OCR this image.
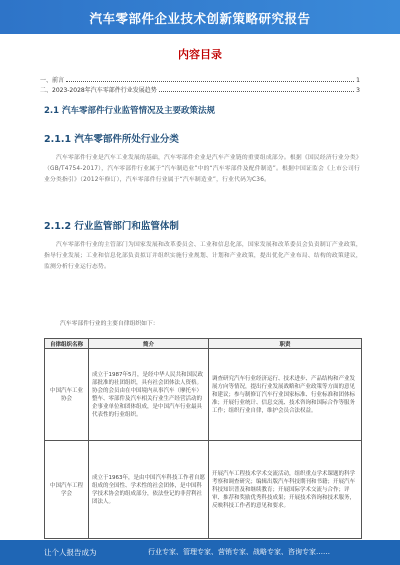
汽车零部件企业技术创新策略研究报告
内容目录
一、前言	1
二、2023-2028年汽车零部件行业发展趋势	3
2.1 汽车零部件行业监管情况及主要政策法规
2.1.1 汽车零部件所处行业分类
汽车零部件行业是汽车工业发展的基础，汽车零部件企业是汽车产业链的重要组成部分。根据《国民经济行业分类》（GB/T4754-2017），汽车零部件行业属于“汽车制造业”中的“汽车零部件及配件制造”。根据中国证监会《上市公司行业分类指引》（2012年修订），汽车零部件行业属于“汽车制造业”，行业代码为C36。
2.1.2 行业监管部门和监管体制
汽车零部件行业的主管部门为国家发展和改革委员会、工业和信息化部，国家发展和改革委员会负责制订产业政策，指导行业发展；工业和信息化部负责拟订并组织实施行业规划、计划和产业政策，提出优化产业布局、结构的政策建议，监测分析行业运行态势。
汽车零部件行业的主要自律组织如下：
自律组织名称	简介	职责
中国汽车工业协会	成立于1987年5月，是经中华人民共和国民政部批准的社团组织，具有社会团体法人资格。协会的会员由在中国境内从事汽车（摩托车）整车、零部件及汽车相关行业生产经营活动的企事业单位和团体组成，是中国汽车行业最具代表性的行业组织。	调查研究汽车行业经济运行、技术进步、产品结构和产业发展方向等情况，提出行业发展战略和产业政策等方面的意见和建议；参与制修订汽车行业国家标准、行业标准和团体标准；开展行业统计、信息交流、技术咨询和国际合作等服务工作；组织行业自律，维护会员合法权益。
中国汽车工程学会	成立于1963年，是由中国汽车科技工作者自愿组成的全国性、学术性的社会团体，是中国科学技术协会的组成部分，依法登记的非营利社团法人。	开展汽车工程技术学术交流活动，组织重点学术课题的科学考察和调查研究；编辑出版汽车科技期刊和书籍；开展汽车科技知识普及和继续教育；开展国际学术交流与合作；评审、推荐和奖励优秀科技成果；开展技术咨询和技术服务，反映科技工作者的意见和要求。
让个人报告成为	行业专家、管理专家、营销专家、战略专家、咨询专家……
